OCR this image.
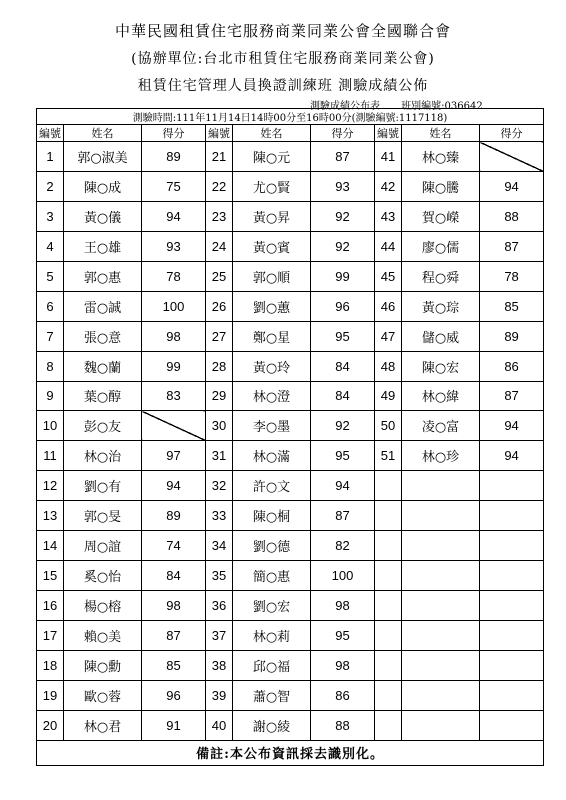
中華民國租賃住宅服務商業同業公會全國聯合會
(協辦單位:台北市租賃住宅服務商業同業公會)
租賃住宅管理人員換證訓練班 測驗成績公佈
測驗成績公布表 班別編號:036642
測驗時間:111年11月14日14時00分至16時00分(測驗編號:1117118)								
編號	姓名	得分	編號	姓名	得分	編號	姓名	得分
1	郭○淑美	89	21	陳○元	87	41	林○臻	
2	陳○成	75	22	尤○賢	93	42	陳○騰	94
3	黃○儀	94	23	黃○昇	92	43	賀○嶸	88
4	王○雄	93	24	黃○賓	92	44	廖○儒	87
5	郭○惠	78	25	郭○順	99	45	程○舜	78
6	雷○誠	100	26	劉○蕙	96	46	黃○琮	85
7	張○意	98	27	鄭○星	95	47	儲○威	89
8	魏○蘭	99	28	黃○玲	84	48	陳○宏	86
9	葉○醇	83	29	林○澄	84	49	林○緯	87
10	彭○友		30	李○墨	92	50	凌○富	94
11	林○治	97	31	林○滿	95	51	林○珍	94
12	劉○有	94	32	許○文	94			
13	郭○旻	89	33	陳○桐	87			
14	周○誼	74	34	劉○德	82			
15	奚○怡	84	35	簡○惠	100			
16	楊○榕	98	36	劉○宏	98			
17	賴○美	87	37	林○莉	95			
18	陳○勳	85	38	邱○福	98			
19	歐○蓉	96	39	蕭○智	86			
20	林○君	91	40	謝○綾	88			
備註:本公布資訊採去識別化。								
